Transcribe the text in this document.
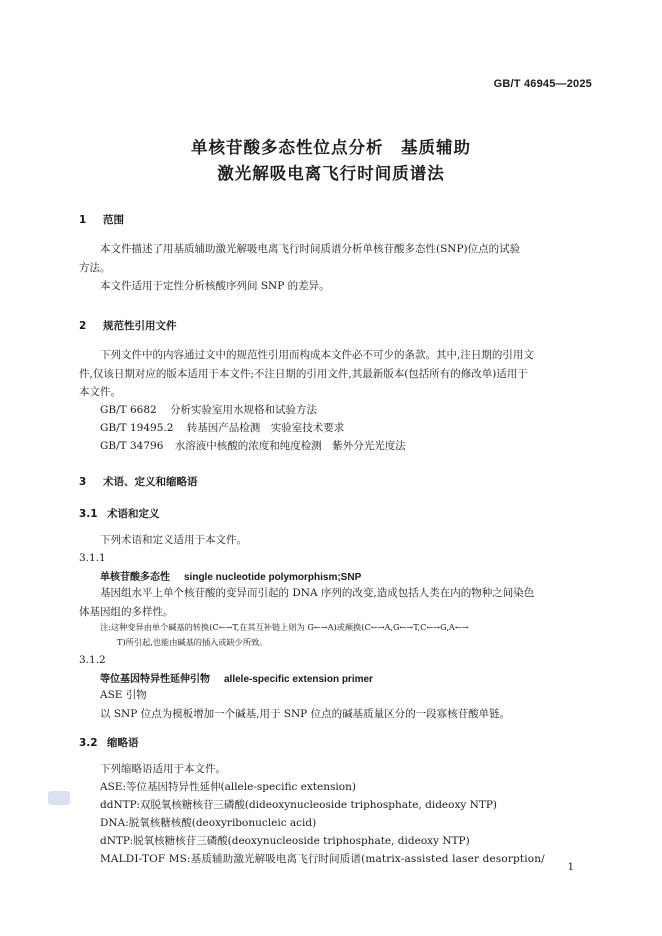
GB/T 46945—2025
单核苷酸多态性位点分析　基质辅助
激光解吸电离飞行时间质谱法
1 范围
本文件描述了用基质辅助激光解吸电离飞行时间质谱分析单核苷酸多态性(SNP)位点的试验
方法。
本文件适用于定性分析核酸序列间 SNP 的差异。
2 规范性引用文件
下列文件中的内容通过文中的规范性引用而构成本文件必不可少的条款。其中,注日期的引用文
件,仅该日期对应的版本适用于本文件;不注日期的引用文件,其最新版本(包括所有的修改单)适用于
本文件。
GB/T 6682 分析实验室用水规格和试验方法
GB/T 19495.2 转基因产品检测　实验室技术要求
GB/T 34796 水溶液中核酸的浓度和纯度检测　紫外分光光度法
3 术语、定义和缩略语
3.1 术语和定义
下列术语和定义适用于本文件。
3.1.1
单核苷酸多态性 single nucleotide polymorphism;SNP
基因组水平上单个核苷酸的变异而引起的 DNA 序列的改变,造成包括人类在内的物种之间染色
体基因组的多样性。
注:这种变异由单个碱基的转换(C←→T,在其互补链上则为 G←→A)或颠换(C←→A,G←→T,C←→G,A←→
T)所引起,也能由碱基的插入或缺少所致。
3.1.2
等位基因特异性延伸引物 allele-specific extension primer
ASE 引物
以 SNP 位点为模板增加一个碱基,用于 SNP 位点的碱基质量区分的一段寡核苷酸单链。
3.2 缩略语
下列缩略语适用于本文件。
ASE:等位基因特异性延伸(allele-specific extension)
ddNTP:双脱氧核糖核苷三磷酸(dideoxynucleoside triphosphate, dideoxy NTP)
DNA:脱氧核糖核酸(deoxyribonucleic acid)
dNTP:脱氧核糖核苷三磷酸(deoxynucleoside triphosphate, dideoxy NTP)
MALDI-TOF MS:基质辅助激光解吸电离飞行时间质谱(matrix-assisted laser desorption/
1
